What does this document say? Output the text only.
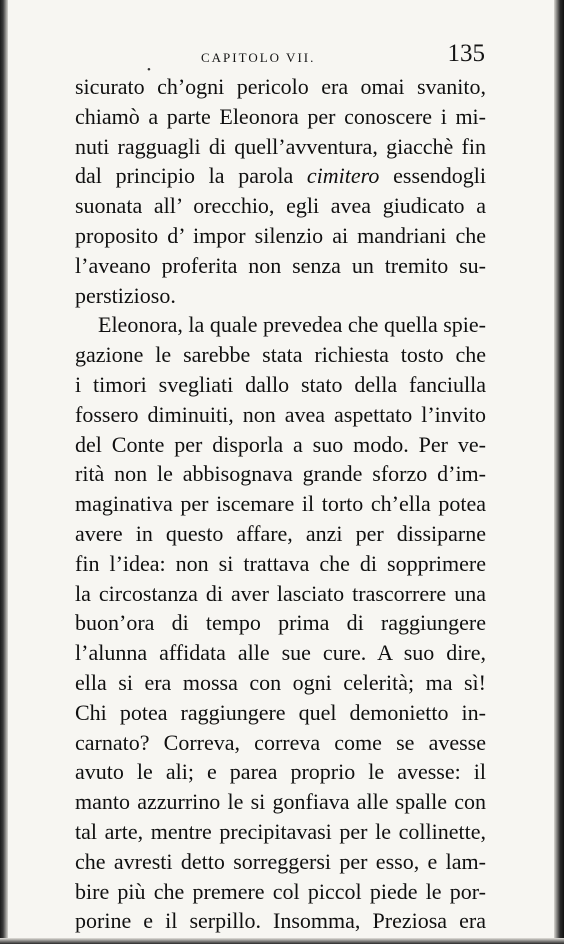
•
CAPITOLO VII.	135
sicurato ch’ogni pericolo era omai svanito,
chiamò a parte Eleonora per conoscere i mi-
nuti ragguagli di quell’avventura, giacchè fin
dal principio la parola cimitero essendogli
suonata all’ orecchio, egli avea giudicato a
proposito d’ impor silenzio ai mandriani che
l’aveano proferita non senza un tremito su-
perstizioso.
Eleonora, la quale prevedea che quella spie-
gazione le sarebbe stata richiesta tosto che
i timori svegliati dallo stato della fanciulla
fossero diminuiti, non avea aspettato l’invito
del Conte per disporla a suo modo. Per ve-
rità non le abbisognava grande sforzo d’im-
maginativa per iscemare il torto ch’ella potea
avere in questo affare, anzi per dissiparne
fin l’idea: non si trattava che di sopprimere
la circostanza di aver lasciato trascorrere una
buon’ora di tempo prima di raggiungere
l’alunna affidata alle sue cure. A suo dire,
ella si era mossa con ogni celerità; ma sì!
Chi potea raggiungere quel demonietto in-
carnato? Correva, correva come se avesse
avuto le ali; e parea proprio le avesse: il
manto azzurrino le si gonfiava alle spalle con
tal arte, mentre precipitavasi per le collinette,
che avresti detto sorreggersi per esso, e lam-
bire più che premere col piccol piede le por-
porine e il serpillo. Insomma, Preziosa era
